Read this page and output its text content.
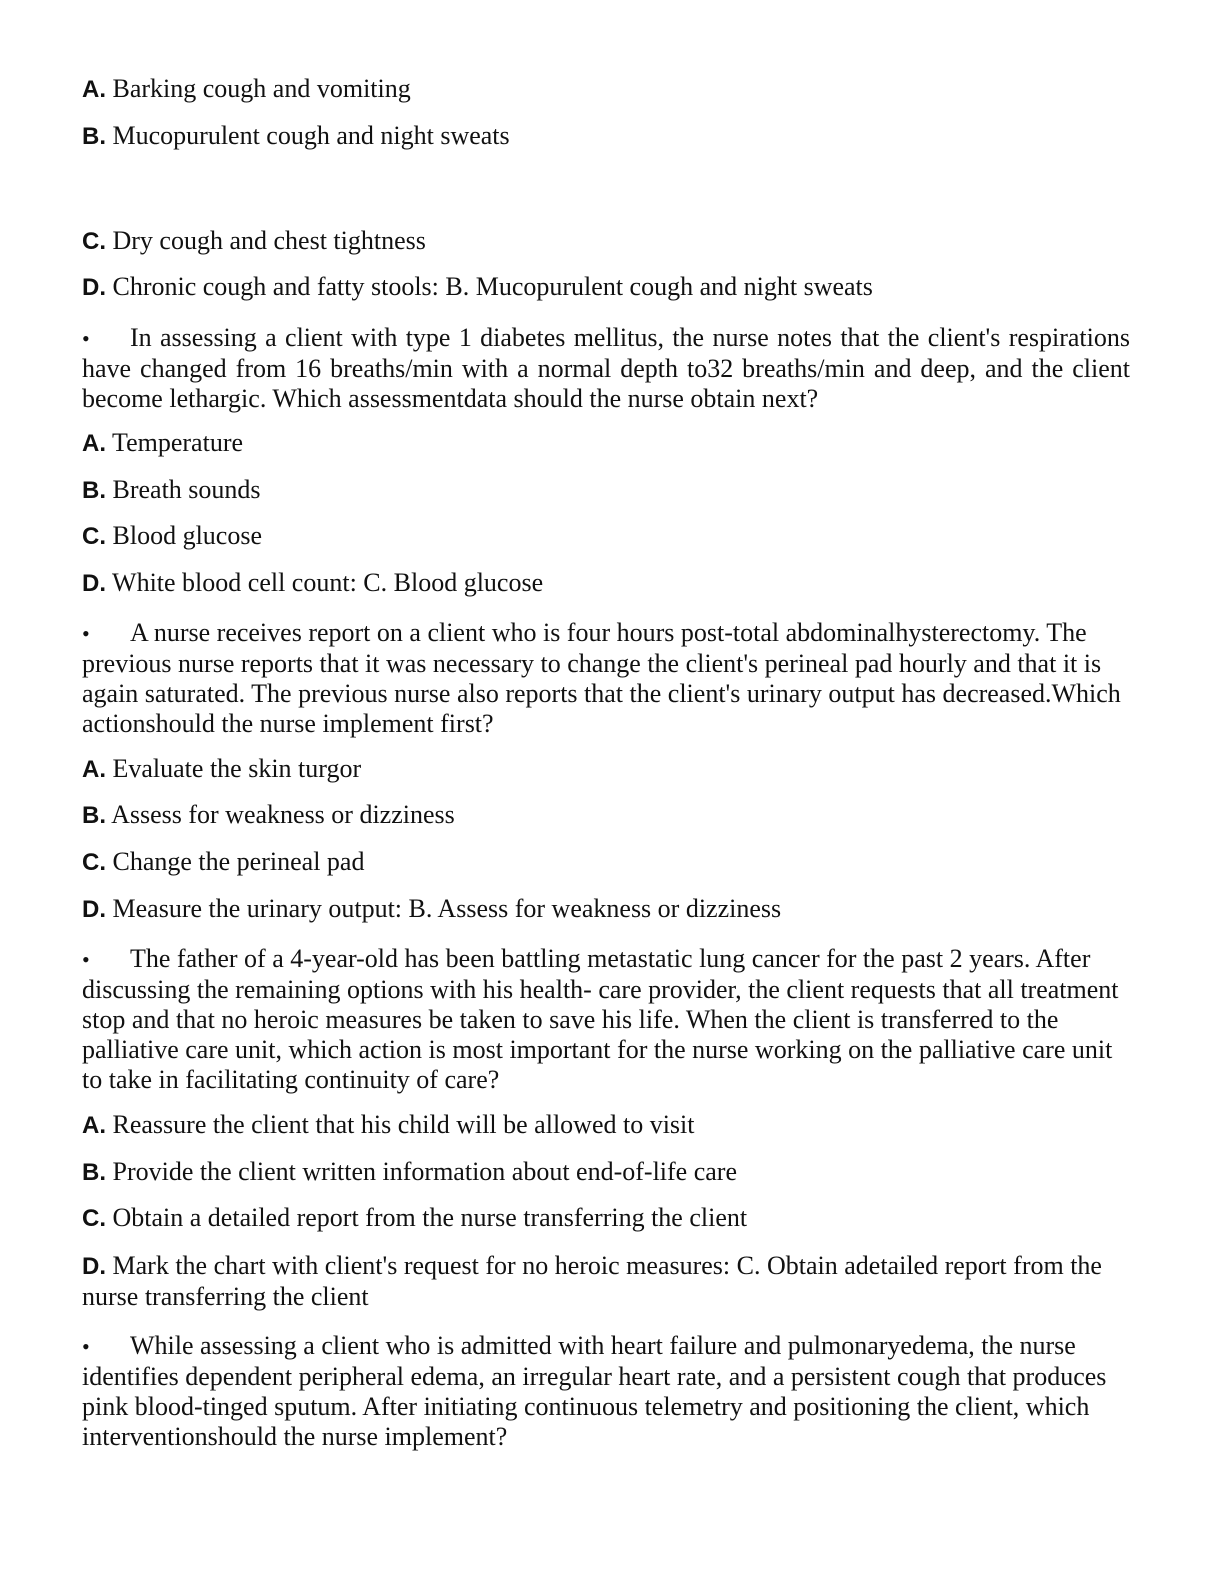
A. Barking cough and vomiting

B. Mucopurulent cough and night sweats

C. Dry cough and chest tightness

D. Chronic cough and fatty stools: B. Mucopurulent cough and night sweats

• In assessing a client with type 1 diabetes mellitus, the nurse notes that the client's respirations have changed from 16 breaths/min with a normal depth to32 breaths/min and deep, and the client become lethargic. Which assessmentdata should the nurse obtain next?

A. Temperature

B. Breath sounds

C. Blood glucose

D. White blood cell count: C. Blood glucose

• A nurse receives report on a client who is four hours post-total abdominalhysterectomy. The previous nurse reports that it was necessary to change the client's perineal pad hourly and that it is again saturated. The previous nurse also reports that the client's urinary output has decreased.Which actionshould the nurse implement first?

A. Evaluate the skin turgor

B. Assess for weakness or dizziness

C. Change the perineal pad

D. Measure the urinary output: B. Assess for weakness or dizziness

• The father of a 4-year-old has been battling metastatic lung cancer for the past 2 years. After discussing the remaining options with his health- care provider, the client requests that all treatment stop and that no heroic measures be taken to save his life. When the client is transferred to the palliative care unit, which action is most important for the nurse working on the palliative care unit to take in facilitating continuity of care?

A. Reassure the client that his child will be allowed to visit

B. Provide the client written information about end-of-life care

C. Obtain a detailed report from the nurse transferring the client

D. Mark the chart with client's request for no heroic measures: C. Obtain adetailed report from the nurse transferring the client

• While assessing a client who is admitted with heart failure and pulmonaryedema, the nurse identifies dependent peripheral edema, an irregular heart rate, and a persistent cough that produces pink blood-tinged sputum. After initiating continuous telemetry and positioning the client, which interventionshould the nurse implement?
